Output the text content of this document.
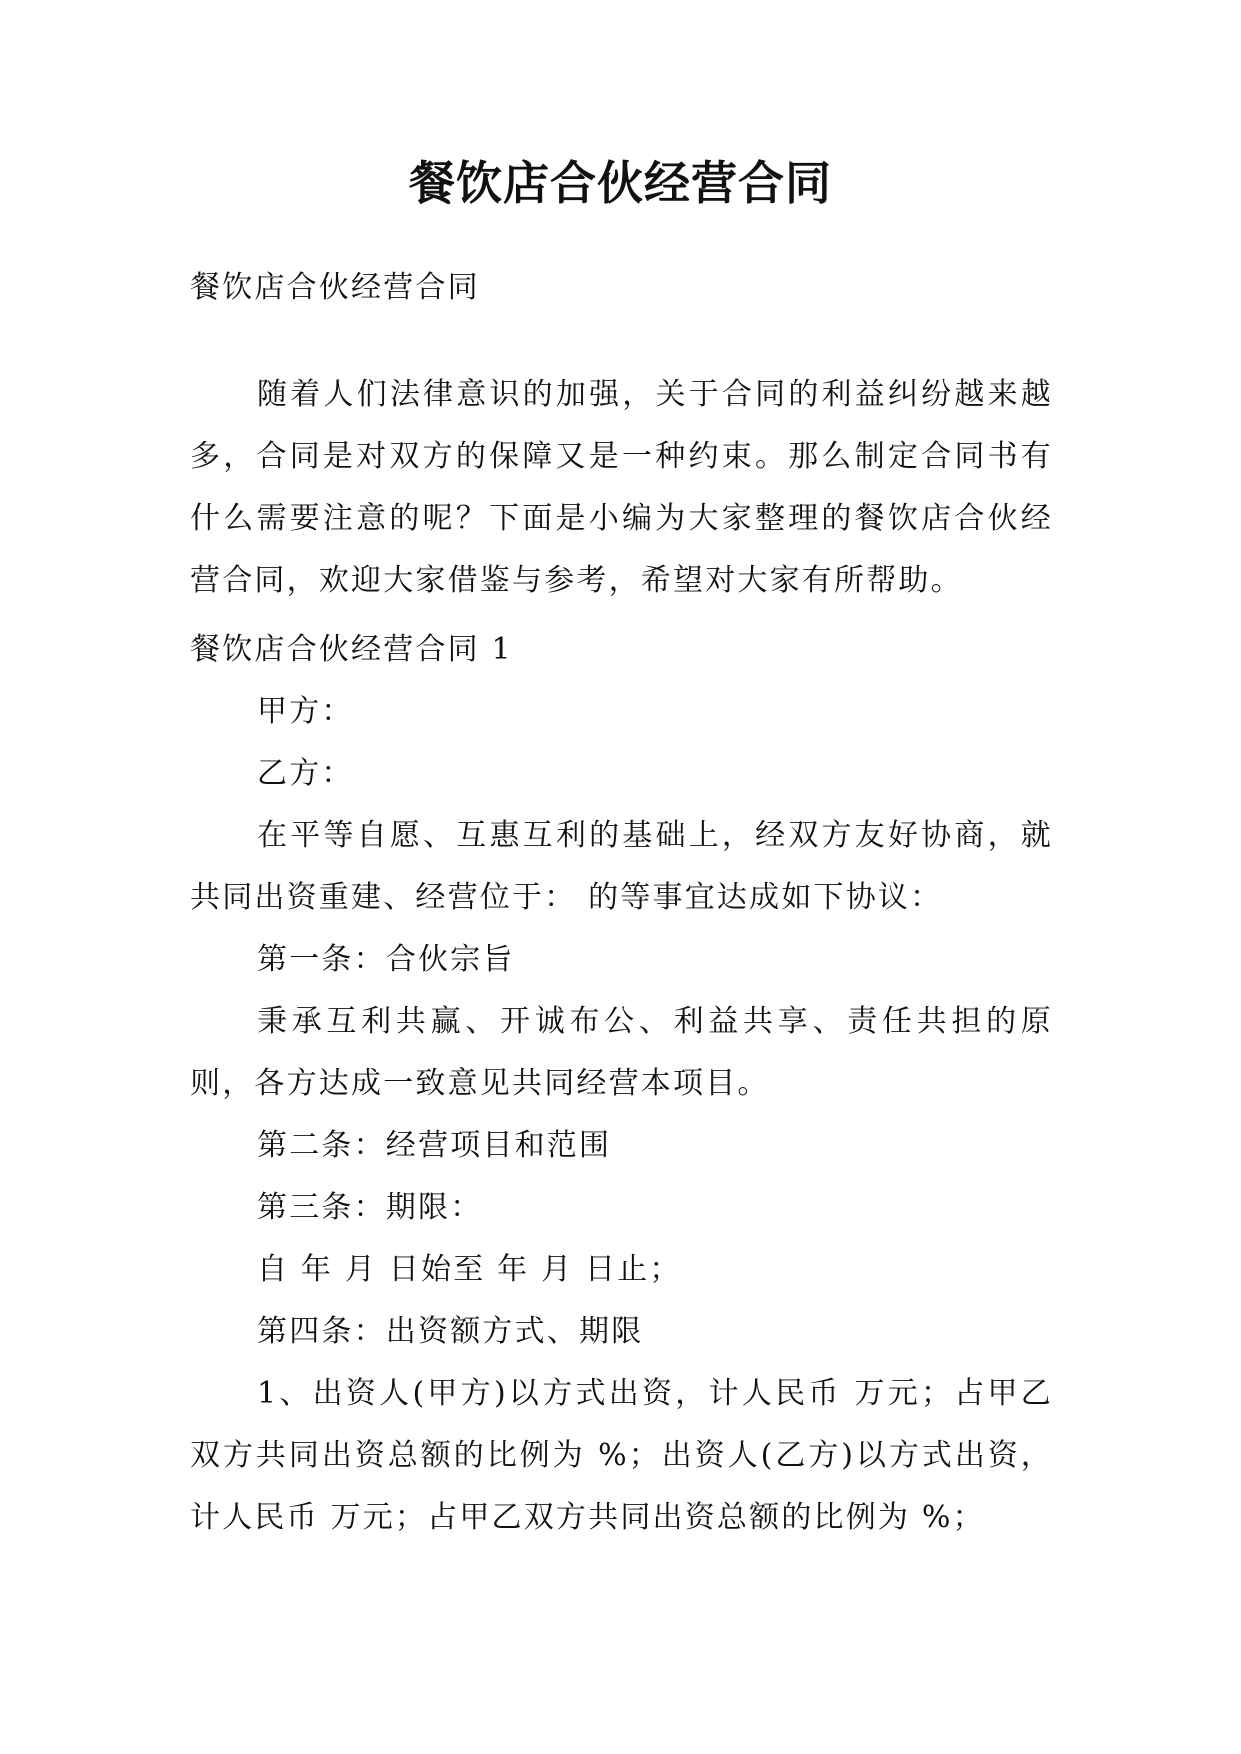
餐饮店合伙经营合同

餐饮店合伙经营合同

随着人们法律意识的加强，关于合同的利益纠纷越来越多，合同是对双方的保障又是一种约束。那么制定合同书有什么需要注意的呢？下面是小编为大家整理的餐饮店合伙经营合同，欢迎大家借鉴与参考，希望对大家有所帮助。

餐饮店合伙经营合同 1

甲方：

乙方：

在平等自愿、互惠互利的基础上，经双方友好协商，就共同出资重建、经营位于： 的等事宜达成如下协议：

第一条：合伙宗旨

秉承互利共赢、开诚布公、利益共享、责任共担的原则，各方达成一致意见共同经营本项目。

第二条：经营项目和范围

第三条：期限：

自 年 月 日始至 年 月 日止；

第四条：出资额方式、期限

1、出资人(甲方)以方式出资，计人民币 万元；占甲乙双方共同出资总额的比例为 %；出资人(乙方)以方式出资，计人民币 万元；占甲乙双方共同出资总额的比例为 %；
